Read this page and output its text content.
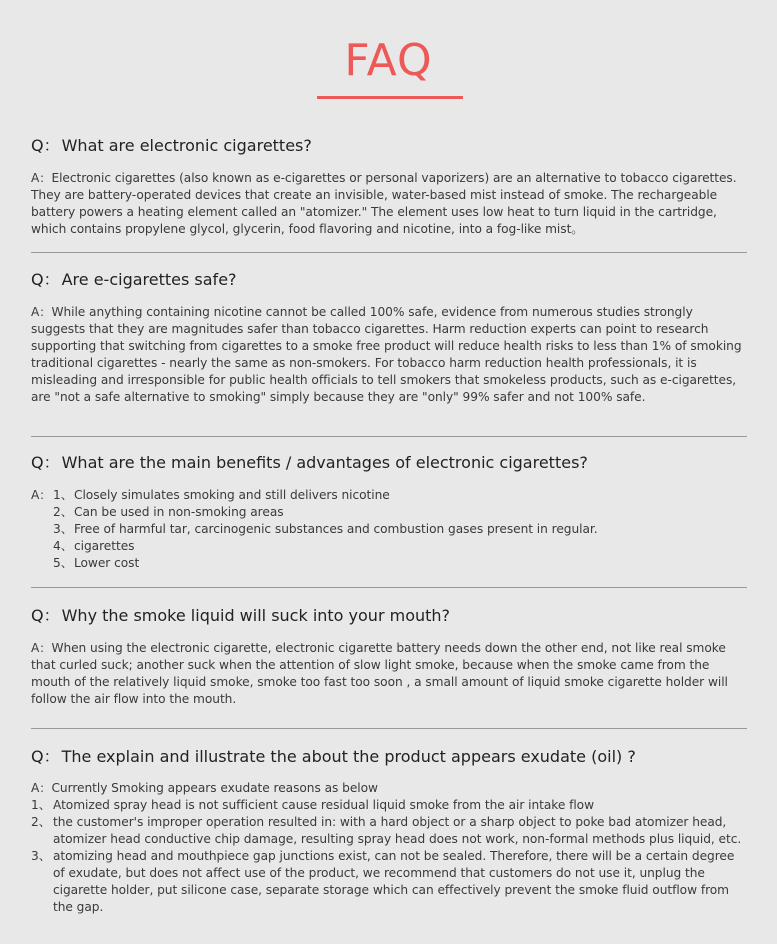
FAQ

Q： What are electronic cigarettes?

A：Electronic cigarettes (also known as e-cigarettes or personal vaporizers) are an alternative to tobacco cigarettes. They are battery-operated devices that create an invisible, water-based mist instead of smoke. The rechargeable battery powers a heating element called an "atomizer." The element uses low heat to turn liquid in the cartridge, which contains propylene glycol, glycerin, food flavoring and nicotine, into a fog-like mist。

Q： Are e-cigarettes safe?

A：While anything containing nicotine cannot be called 100% safe, evidence from numerous studies strongly suggests that they are magnitudes safer than tobacco cigarettes. Harm reduction experts can point to research supporting that switching from cigarettes to a smoke free product will reduce health risks to less than 1% of smoking traditional cigarettes - nearly the same as non-smokers. For tobacco harm reduction health professionals, it is misleading and irresponsible for public health officials to tell smokers that smokeless products, such as e-cigarettes, are "not a safe alternative to smoking" simply because they are "only" 99% safer and not 100% safe.

Q： What are the main benefits / advantages of electronic cigarettes?

A： 1、 Closely simulates smoking and still delivers nicotine
2、 Can be used in non-smoking areas
3、 Free of harmful tar, carcinogenic substances and combustion gases present in regular.
4、 cigarettes
5、 Lower cost

Q： Why the smoke liquid will suck into your mouth?

A：When using the electronic cigarette, electronic cigarette battery needs down the other end, not like real smoke that curled suck; another suck when the attention of slow light smoke, because when the smoke came from the mouth of the relatively liquid smoke, smoke too fast too soon , a small amount of liquid smoke cigarette holder will follow the air flow into the mouth.

Q： The explain and illustrate the about the product appears exudate (oil) ?

A：Currently Smoking appears exudate reasons as below

1、 Atomized spray head is not sufficient cause residual liquid smoke from the air intake flow
2、 the customer's improper operation resulted in: with a hard object or a sharp object to poke bad atomizer head, atomizer head conductive chip damage, resulting spray head does not work, non-formal methods plus liquid, etc.
3、 atomizing head and mouthpiece gap junctions exist, can not be sealed. Therefore, there will be a certain degree of exudate, but does not affect use of the product, we recommend that customers do not use it, unplug the cigarette holder, put silicone case, separate storage which can effectively prevent the smoke fluid outflow from the gap.
